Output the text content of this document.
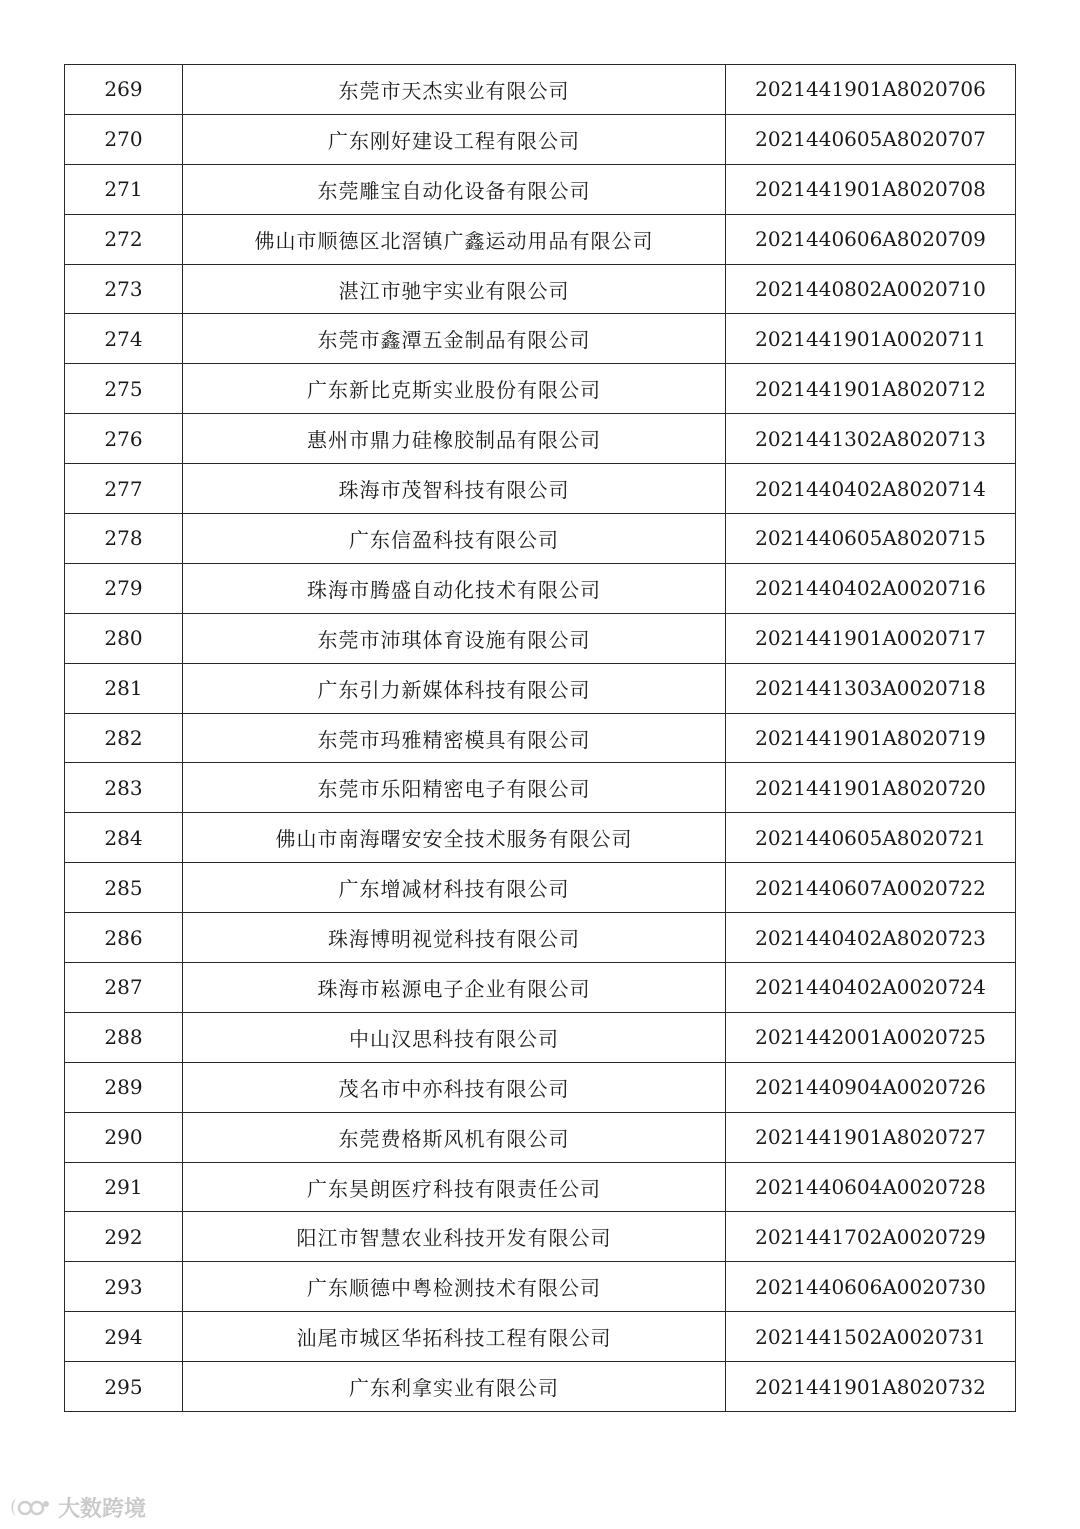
269	东莞市天杰实业有限公司	2021441901A8020706
270	广东刚好建设工程有限公司	2021440605A8020707
271	东莞雕宝自动化设备有限公司	2021441901A8020708
272	佛山市顺德区北滘镇广鑫运动用品有限公司	2021440606A8020709
273	湛江市驰宇实业有限公司	2021440802A0020710
274	东莞市鑫潭五金制品有限公司	2021441901A0020711
275	广东新比克斯实业股份有限公司	2021441901A8020712
276	惠州市鼎力硅橡胶制品有限公司	2021441302A8020713
277	珠海市茂智科技有限公司	2021440402A8020714
278	广东信盈科技有限公司	2021440605A8020715
279	珠海市腾盛自动化技术有限公司	2021440402A0020716
280	东莞市沛琪体育设施有限公司	2021441901A0020717
281	广东引力新媒体科技有限公司	2021441303A0020718
282	东莞市玛雅精密模具有限公司	2021441901A8020719
283	东莞市乐阳精密电子有限公司	2021441901A8020720
284	佛山市南海曙安安全技术服务有限公司	2021440605A8020721
285	广东增减材科技有限公司	2021440607A0020722
286	珠海博明视觉科技有限公司	2021440402A8020723
287	珠海市崧源电子企业有限公司	2021440402A0020724
288	中山汉思科技有限公司	2021442001A0020725
289	茂名市中亦科技有限公司	2021440904A0020726
290	东莞费格斯风机有限公司	2021441901A8020727
291	广东昊朗医疗科技有限责任公司	2021440604A0020728
292	阳江市智慧农业科技开发有限公司	2021441702A0020729
293	广东顺德中粤检测技术有限公司	2021440606A0020730
294	汕尾市城区华拓科技工程有限公司	2021441502A0020731
295	广东利拿实业有限公司	2021441901A8020732
大数跨境
